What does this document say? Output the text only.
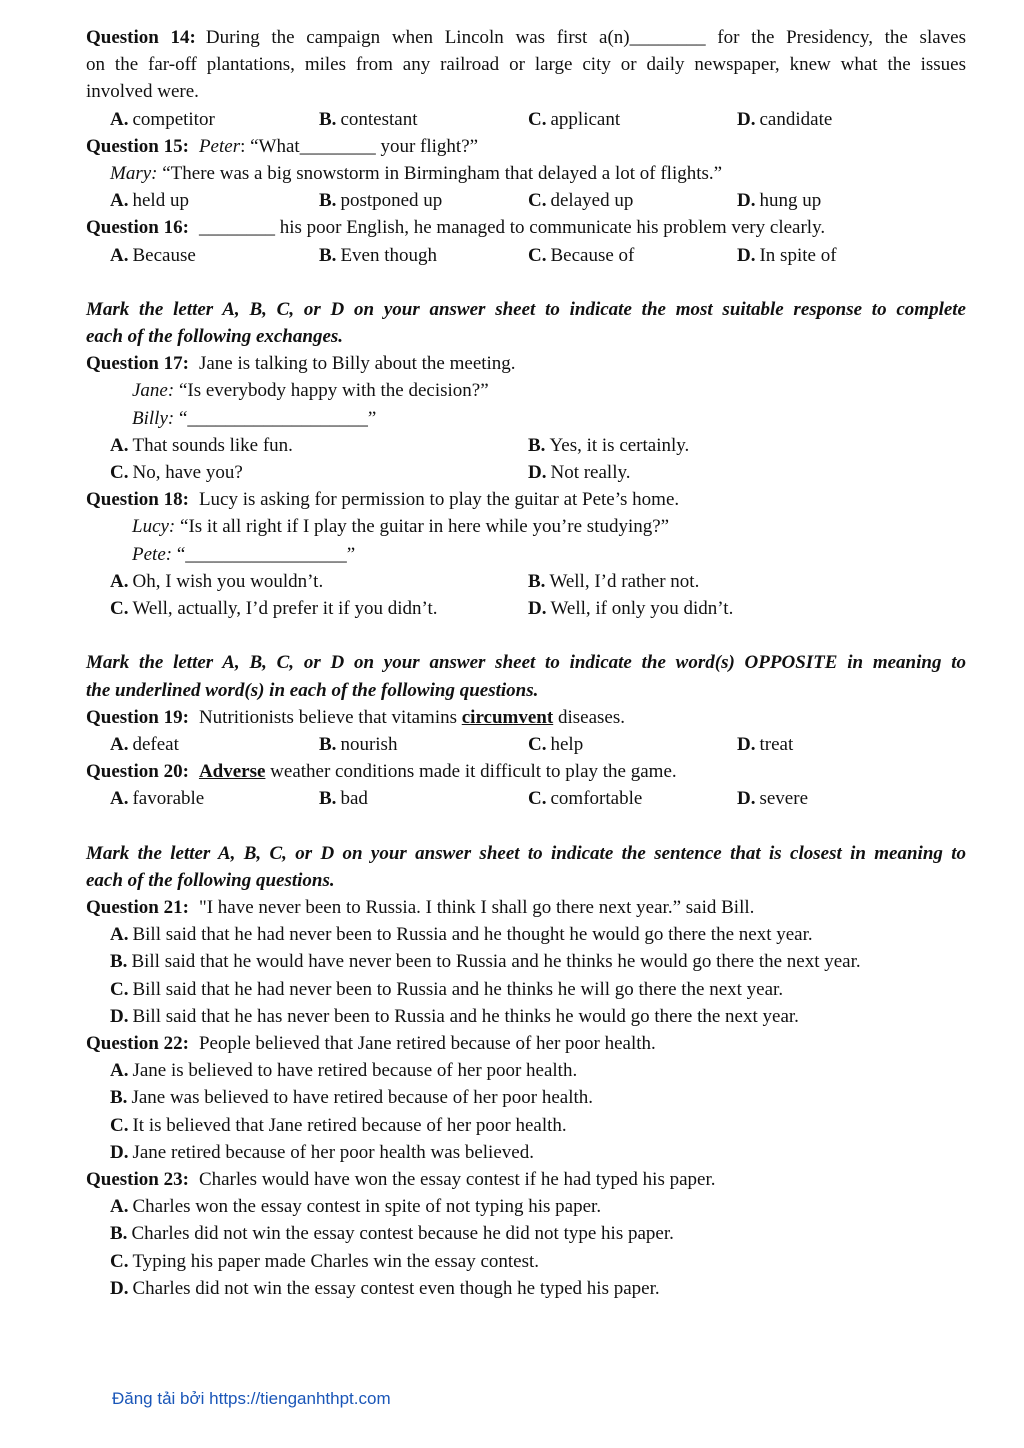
Question 14: During the campaign when Lincoln was first a(n)________ for the Presidency, the slaves
on the far-off plantations, miles from any railroad or large city or daily newspaper, knew what the issues
involved were.
A. competitor	B. contestant	C. applicant	D. candidate
Question 15: Peter: “What________ your flight?”
Mary: “There was a big snowstorm in Birmingham that delayed a lot of flights.”
A. held up	B. postponed up	C. delayed up	D. hung up
Question 16: ________ his poor English, he managed to communicate his problem very clearly.
A. Because	B. Even though	C. Because of	D. In spite of
Mark the letter A, B, C, or D on your answer sheet to indicate the most suitable response to complete
each of the following exchanges.
Question 17: Jane is talking to Billy about the meeting.
Jane: “Is everybody happy with the decision?”
Billy: “___________________”
A. That sounds like fun.	B. Yes, it is certainly.
C. No, have you?	D. Not really.
Question 18: Lucy is asking for permission to play the guitar at Pete’s home.
Lucy: “Is it all right if I play the guitar in here while you’re studying?”
Pete: “_________________”
A. Oh, I wish you wouldn’t.	B. Well, I’d rather not.
C. Well, actually, I’d prefer it if you didn’t.	D. Well, if only you didn’t.
Mark the letter A, B, C, or D on your answer sheet to indicate the word(s) OPPOSITE in meaning to
the underlined word(s) in each of the following questions.
Question 19: Nutritionists believe that vitamins circumvent diseases.
A. defeat	B. nourish	C. help	D. treat
Question 20: Adverse weather conditions made it difficult to play the game.
A. favorable	B. bad	C. comfortable	D. severe
Mark the letter A, B, C, or D on your answer sheet to indicate the sentence that is closest in meaning to
each of the following questions.
Question 21: "I have never been to Russia. I think I shall go there next year.” said Bill.
A. Bill said that he had never been to Russia and he thought he would go there the next year.
B. Bill said that he would have never been to Russia and he thinks he would go there the next year.
C. Bill said that he had never been to Russia and he thinks he will go there the next year.
D. Bill said that he has never been to Russia and he thinks he would go there the next year.
Question 22: People believed that Jane retired because of her poor health.
A. Jane is believed to have retired because of her poor health.
B. Jane was believed to have retired because of her poor health.
C. It is believed that Jane retired because of her poor health.
D. Jane retired because of her poor health was believed.
Question 23: Charles would have won the essay contest if he had typed his paper.
A. Charles won the essay contest in spite of not typing his paper.
B. Charles did not win the essay contest because he did not type his paper.
C. Typing his paper made Charles win the essay contest.
D. Charles did not win the essay contest even though he typed his paper.
Đăng tải bởi https://tienganhthpt.com
